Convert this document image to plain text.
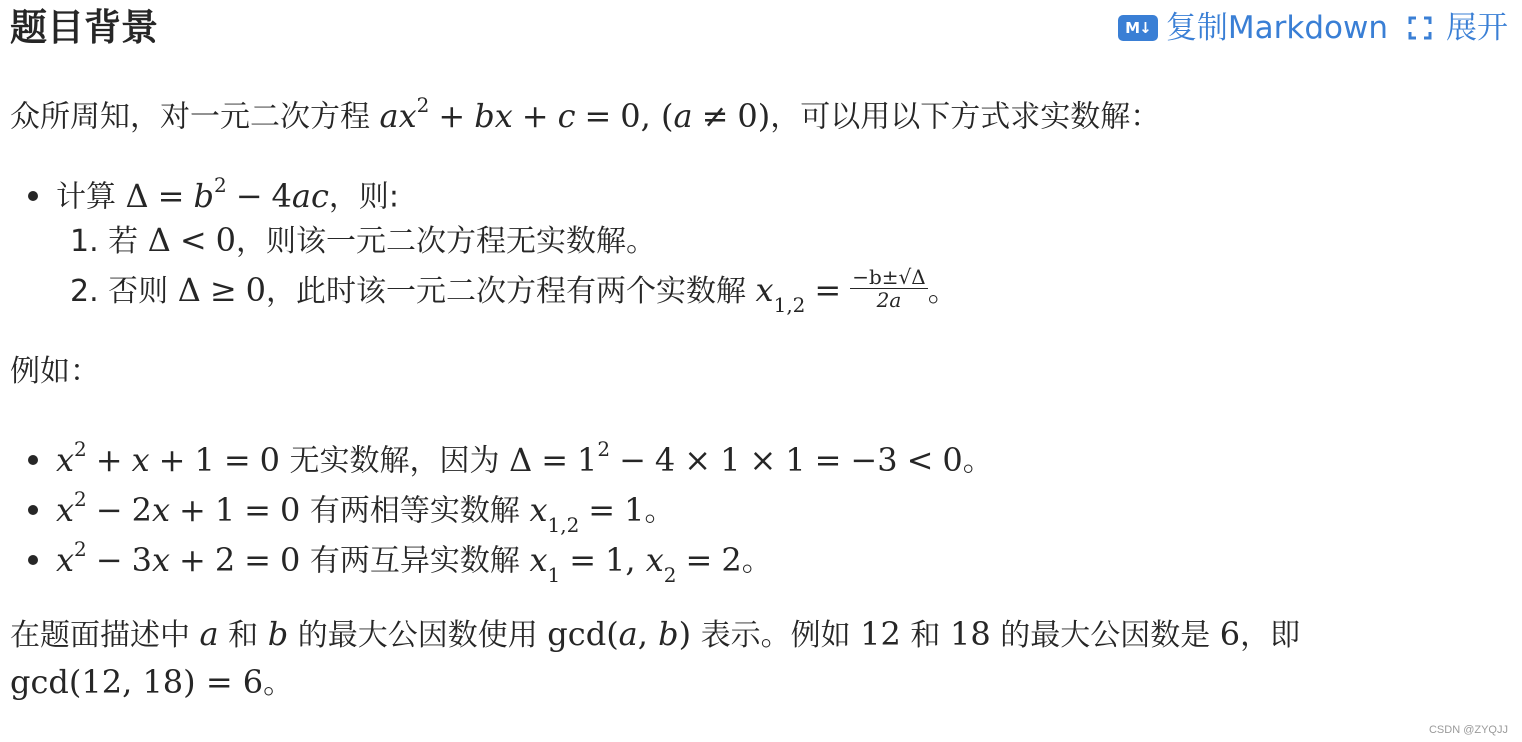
题目背景	M↓ 复制Markdown 展开
众所周知，对一元二次方程 $ax^2$ + bx + c = 0, (a ≠ 0)，可以用以下方式求实数解：
计算 $\Delta = b^2 - 4ac$，则:
1. 若 Δ < 0，则该一元二次方程无实数解。
2. 否则 Δ ≥ 0，此时该一元二次方程有两个实数解 $x_{1,2} = \frac{-b\pm√\Delta}{2a}$ 。
例如：
$x^2 + x + 1 = 0$ 无实数解，因为 $\Delta = 1^2 - 4 \times 1 \times 1 = -3 < 0$。
$x^2 - 2x + 1 = 0$ 有两相等实数解 $x_{1,2} = 1$。
$x^2 - 3x + 2 = 0$ 有两互异实数解 $x_1 = 1$, $x_2 = 2$。
在题面描述中 a 和 b 的最大公因数使用 gcd(a, b) 表示。例如 12 和 18 的最大公因数是 6，即
gcd(12, 18) = 6。
CSDN @ZYQJJ
